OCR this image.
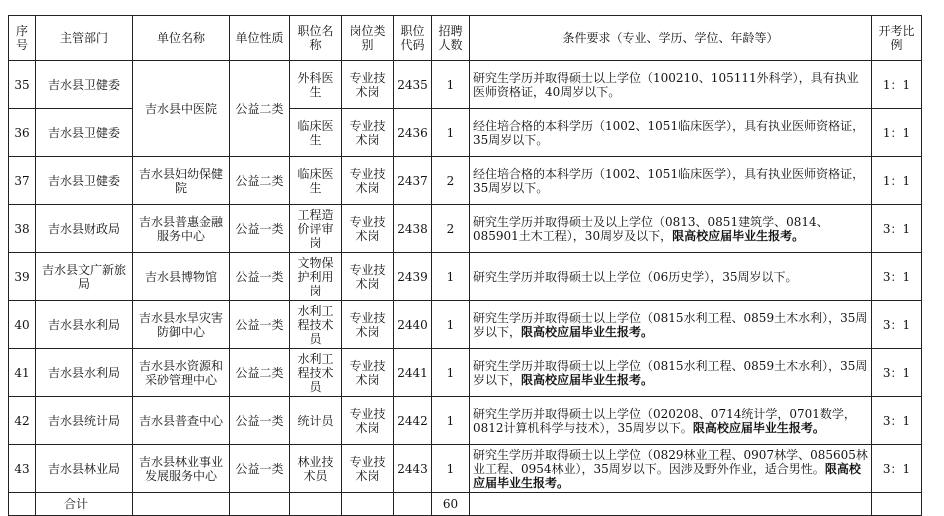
序号	主管部门	单位名称	单位性质	职位名称	岗位类别	职位代码	招聘人数	条件要求（专业、学历、学位、年龄等）	开考比例
35	吉水县卫健委	吉水县中医院	公益二类	外科医生	专业技术岗	2435	1	研究生学历并取得硕士以上学位（100210、105111外科学），具有执业医师资格证，40周岁以下。	1：1
36	吉水县卫健委			临床医生	专业技术岗	2436	1	经住培合格的本科学历（1002、1051临床医学），具有执业医师资格证，35周岁以下。	1：1
37	吉水县卫健委	吉水县妇幼保健院	公益二类	临床医生	专业技术岗	2437	2	经住培合格的本科学历（1002、1051临床医学），具有执业医师资格证，35周岁以下。	1：1
38	吉水县财政局	吉水县普惠金融服务中心	公益一类	工程造价评审岗	专业技术岗	2438	2	研究生学历并取得硕士及以上学位（0813、0851建筑学、0814、085901土木工程），30周岁及以下，限高校应届毕业生报考。	3：1
39	吉水县文广新旅局	吉水县博物馆	公益一类	文物保护利用岗	专业技术岗	2439	1	研究生学历并取得硕士以上学位（06历史学），35周岁以下。	3：1
40	吉水县水利局	吉水县水旱灾害防御中心	公益一类	水利工程技术员	专业技术岗	2440	1	研究生学历并取得硕士以上学位（0815水利工程、0859土木水利），35周岁以下，限高校应届毕业生报考。	3：1
41	吉水县水利局	吉水县水资源和采砂管理中心	公益二类	水利工程技术员	专业技术岗	2441	1	研究生学历并取得硕士以上学位（0815水利工程、0859土木水利），35周岁以下，限高校应届毕业生报考。	3：1
42	吉水县统计局	吉水县普查中心	公益一类	统计员	专业技术岗	2442	1	研究生学历并取得硕士以上学位（020208、0714统计学，0701数学，0812计算机科学与技术），35周岁以下。限高校应届毕业生报考。	3：1
43	吉水县林业局	吉水县林业事业发展服务中心	公益一类	林业技术员	专业技术岗	2443	1	研究生学历并取得硕士以上学位（0829林业工程、0907林学、085605林业工程、0954林业），35周岁以下。因涉及野外作业，适合男性。限高校应届毕业生报考。	3：1
	合计						60		
